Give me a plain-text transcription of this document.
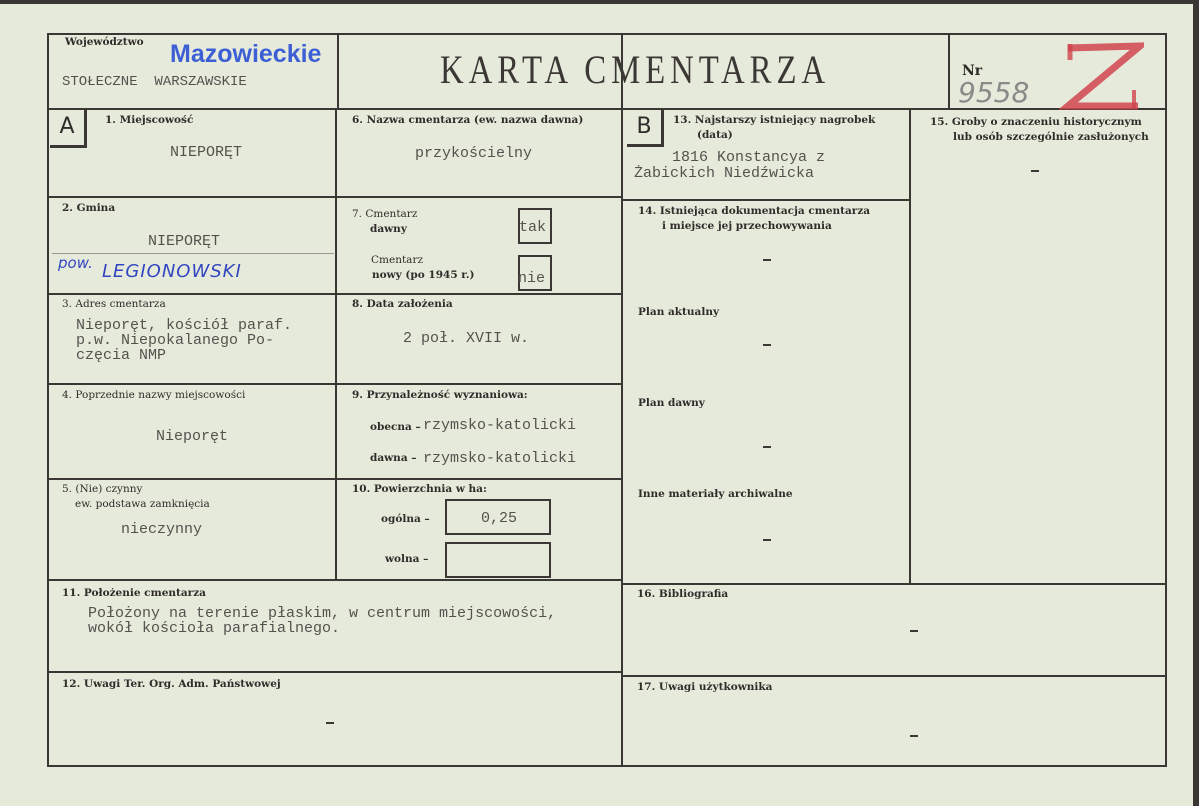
Województwo Mazowieckie
STOŁECZNE  WARSZAWSKIE	KARTA CMENTARZA	Nr
9558
A	1. Miejscowość
NIEPORĘT
2. Gmina
NIEPORĘT
pow. LEGIONOWSKI
3. Adres cmentarza
Nieporęt, kościół paraf.
p.w. Niepokalanego Po-
częcia NMP
4. Poprzednie nazwy miejscowości
Nieporęt
5. (Nie) czynny
ew. podstawa zamknięcia
nieczynny
6. Nazwa cmentarza (ew. nazwa dawna)
przykościelny
7. Cmentarz
dawny	tak
Cmentarz
nowy (po 1945 r.)	nie
8. Data założenia
2 poł. XVII w.
9. Przynależność wyznaniowa:
obecna – rzymsko-katolicki
dawna – rzymsko-katolicki
10. Powierzchnia w ha:
ogólna –	0,25
wolna –
11. Położenie cmentarza
Położony na terenie płaskim, w centrum miejscowości,
wokół kościoła parafialnego.
12. Uwagi Ter. Org. Adm. Państwowej
B	13. Najstarszy istniejący nagrobek
(data)
1816 Konstancya z
Żabickich Niedźwicka
14. Istniejąca dokumentacja cmentarza
i miejsce jej przechowywania
Plan aktualny
Plan dawny
Inne materiały archiwalne
15. Groby o znaczeniu historycznym
lub osób szczególnie zasłużonych
16. Bibliografia
17. Uwagi użytkownika
